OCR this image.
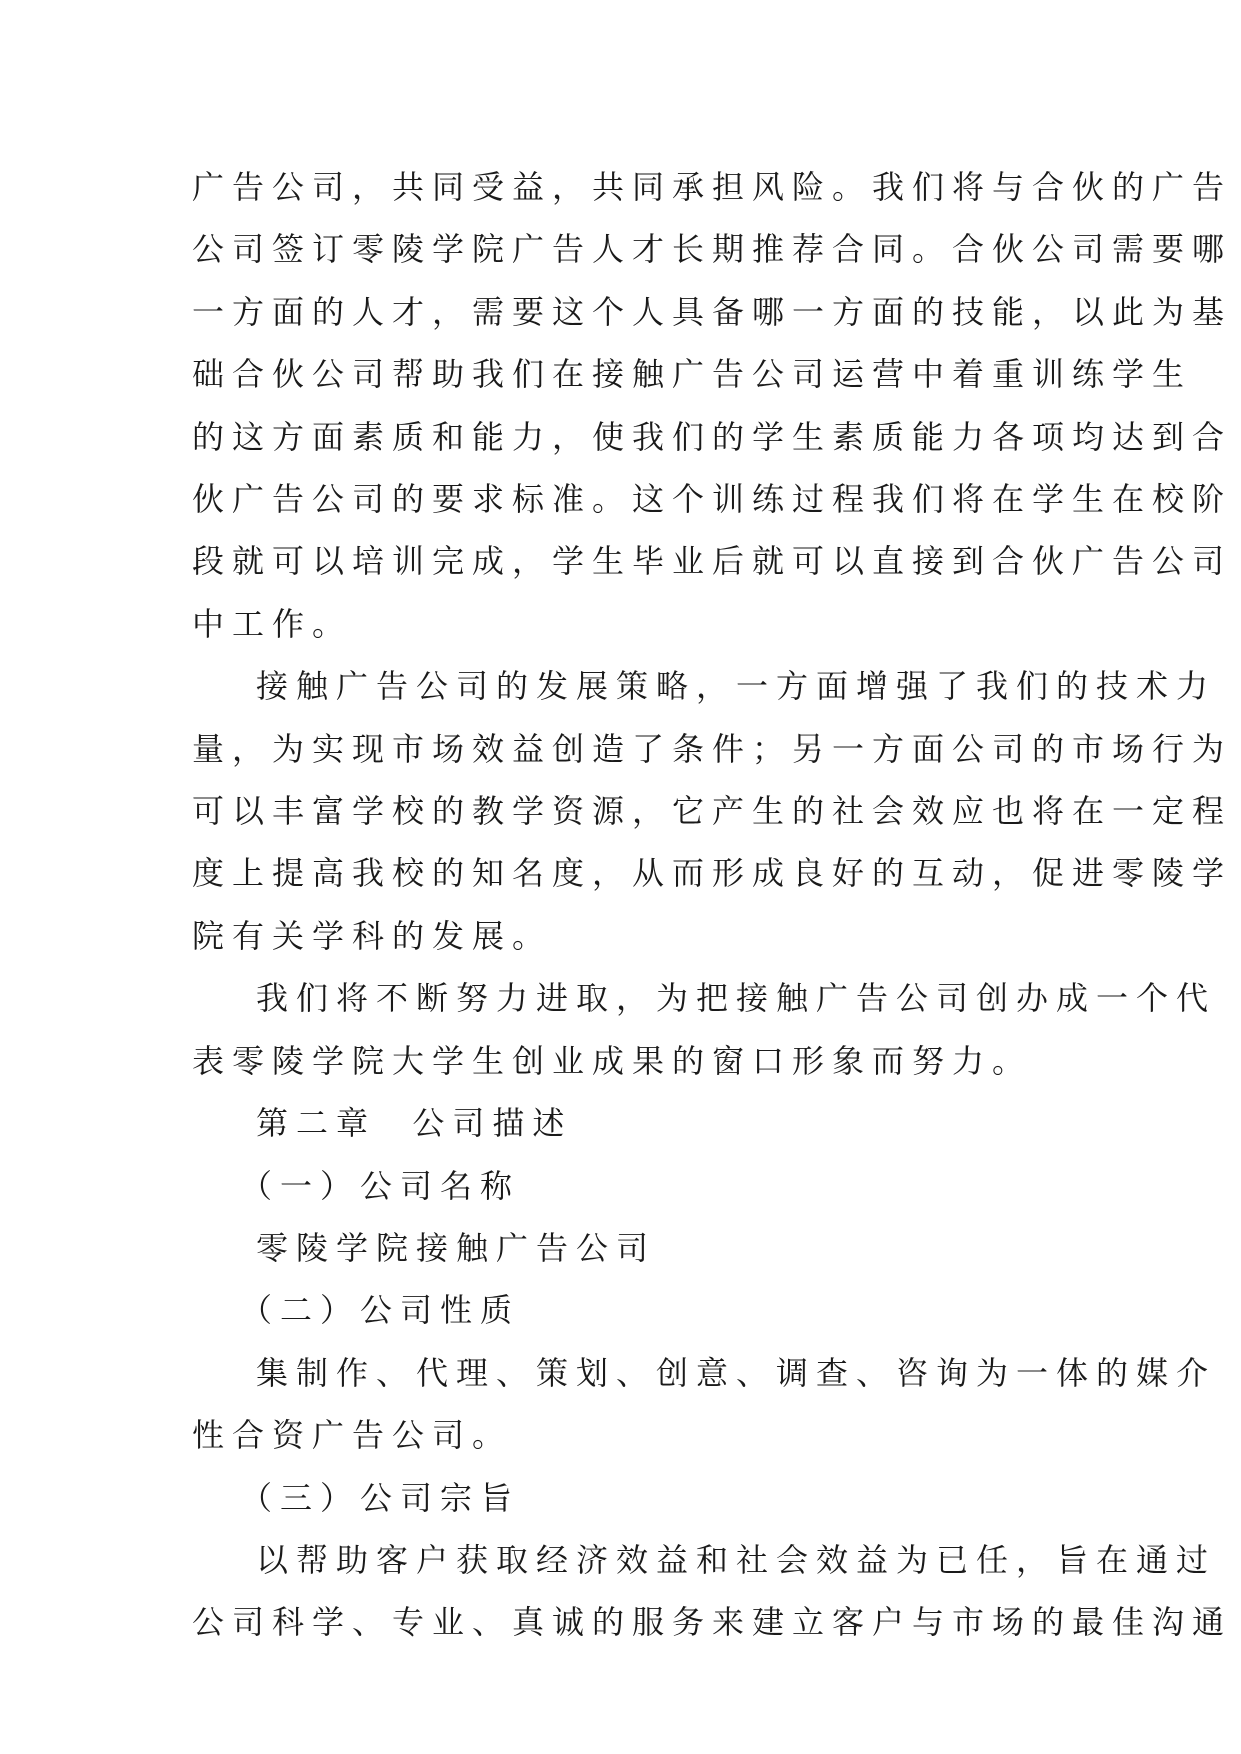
广告公司，共同受益，共同承担风险。我们将与合伙的广告
公司签订零陵学院广告人才长期推荐合同。合伙公司需要哪
一方面的人才，需要这个人具备哪一方面的技能，以此为基
础合伙公司帮助我们在接触广告公司运营中着重训练学生
的这方面素质和能力，使我们的学生素质能力各项均达到合
伙广告公司的要求标准。这个训练过程我们将在学生在校阶
段就可以培训完成，学生毕业后就可以直接到合伙广告公司
中工作。
接触广告公司的发展策略，一方面增强了我们的技术力
量，为实现市场效益创造了条件；另一方面公司的市场行为
可以丰富学校的教学资源，它产生的社会效应也将在一定程
度上提高我校的知名度，从而形成良好的互动，促进零陵学
院有关学科的发展。
我们将不断努力进取，为把接触广告公司创办成一个代
表零陵学院大学生创业成果的窗口形象而努力。
第二章  公司描述
（一）公司名称
零陵学院接触广告公司
（二）公司性质
集制作、代理、策划、创意、调查、咨询为一体的媒介
性合资广告公司。
（三）公司宗旨
以帮助客户获取经济效益和社会效益为已任，旨在通过
公司科学、专业、真诚的服务来建立客户与市场的最佳沟通
